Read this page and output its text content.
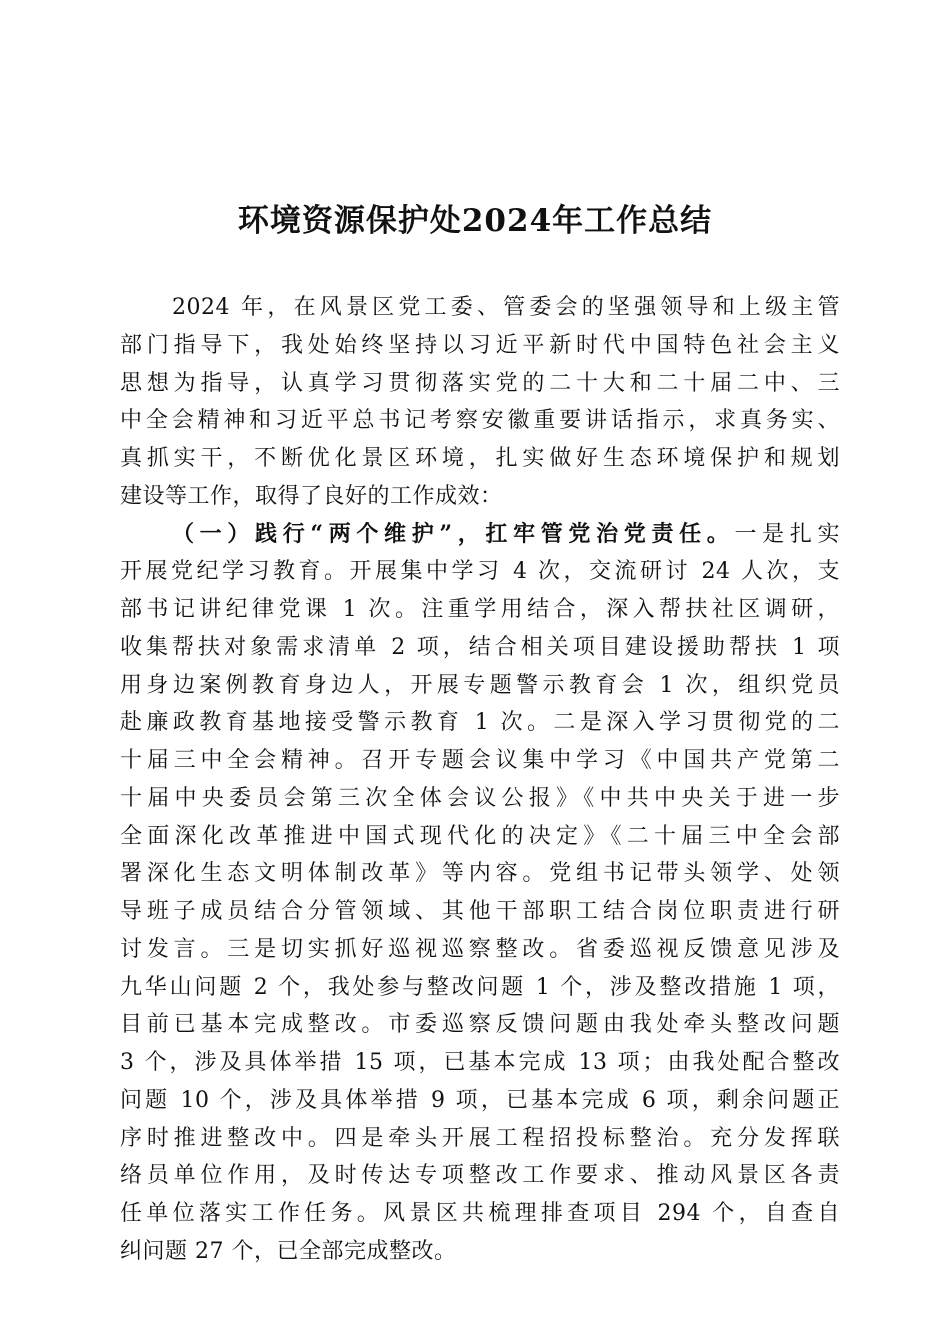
环境资源保护处2024年工作总结
2024 年，在风景区党工委、管委会的坚强领导和上级主管
部门指导下，我处始终坚持以习近平新时代中国特色社会主义
思想为指导，认真学习贯彻落实党的二十大和二十届二中、三
中全会精神和习近平总书记考察安徽重要讲话指示，求真务实、
真抓实干，不断优化景区环境，扎实做好生态环境保护和规划
建设等工作，取得了良好的工作成效：
（一）践行“两个维护”，扛牢管党治党责任。一是扎实
开展党纪学习教育。开展集中学习 4 次，交流研讨 24 人次，支
部书记讲纪律党课 1 次。注重学用结合，深入帮扶社区调研，
收集帮扶对象需求清单 2 项，结合相关项目建设援助帮扶 1 项
用身边案例教育身边人，开展专题警示教育会 1 次，组织党员
赴廉政教育基地接受警示教育 1 次。二是深入学习贯彻党的二
十届三中全会精神。召开专题会议集中学习《中国共产党第二
十届中央委员会第三次全体会议公报》《中共中央关于进一步
全面深化改革推进中国式现代化的决定》《二十届三中全会部
署深化生态文明体制改革》等内容。党组书记带头领学、处领
导班子成员结合分管领域、其他干部职工结合岗位职责进行研
讨发言。三是切实抓好巡视巡察整改。省委巡视反馈意见涉及
九华山问题 2 个，我处参与整改问题 1 个，涉及整改措施 1 项，
目前已基本完成整改。市委巡察反馈问题由我处牵头整改问题
3 个，涉及具体举措 15 项，已基本完成 13 项；由我处配合整改
问题 10 个，涉及具体举措 9 项，已基本完成 6 项，剩余问题正
序时推进整改中。四是牵头开展工程招投标整治。充分发挥联
络员单位作用，及时传达专项整改工作要求、推动风景区各责
任单位落实工作任务。风景区共梳理排查项目 294 个，自查自
纠问题 27 个，已全部完成整改。
